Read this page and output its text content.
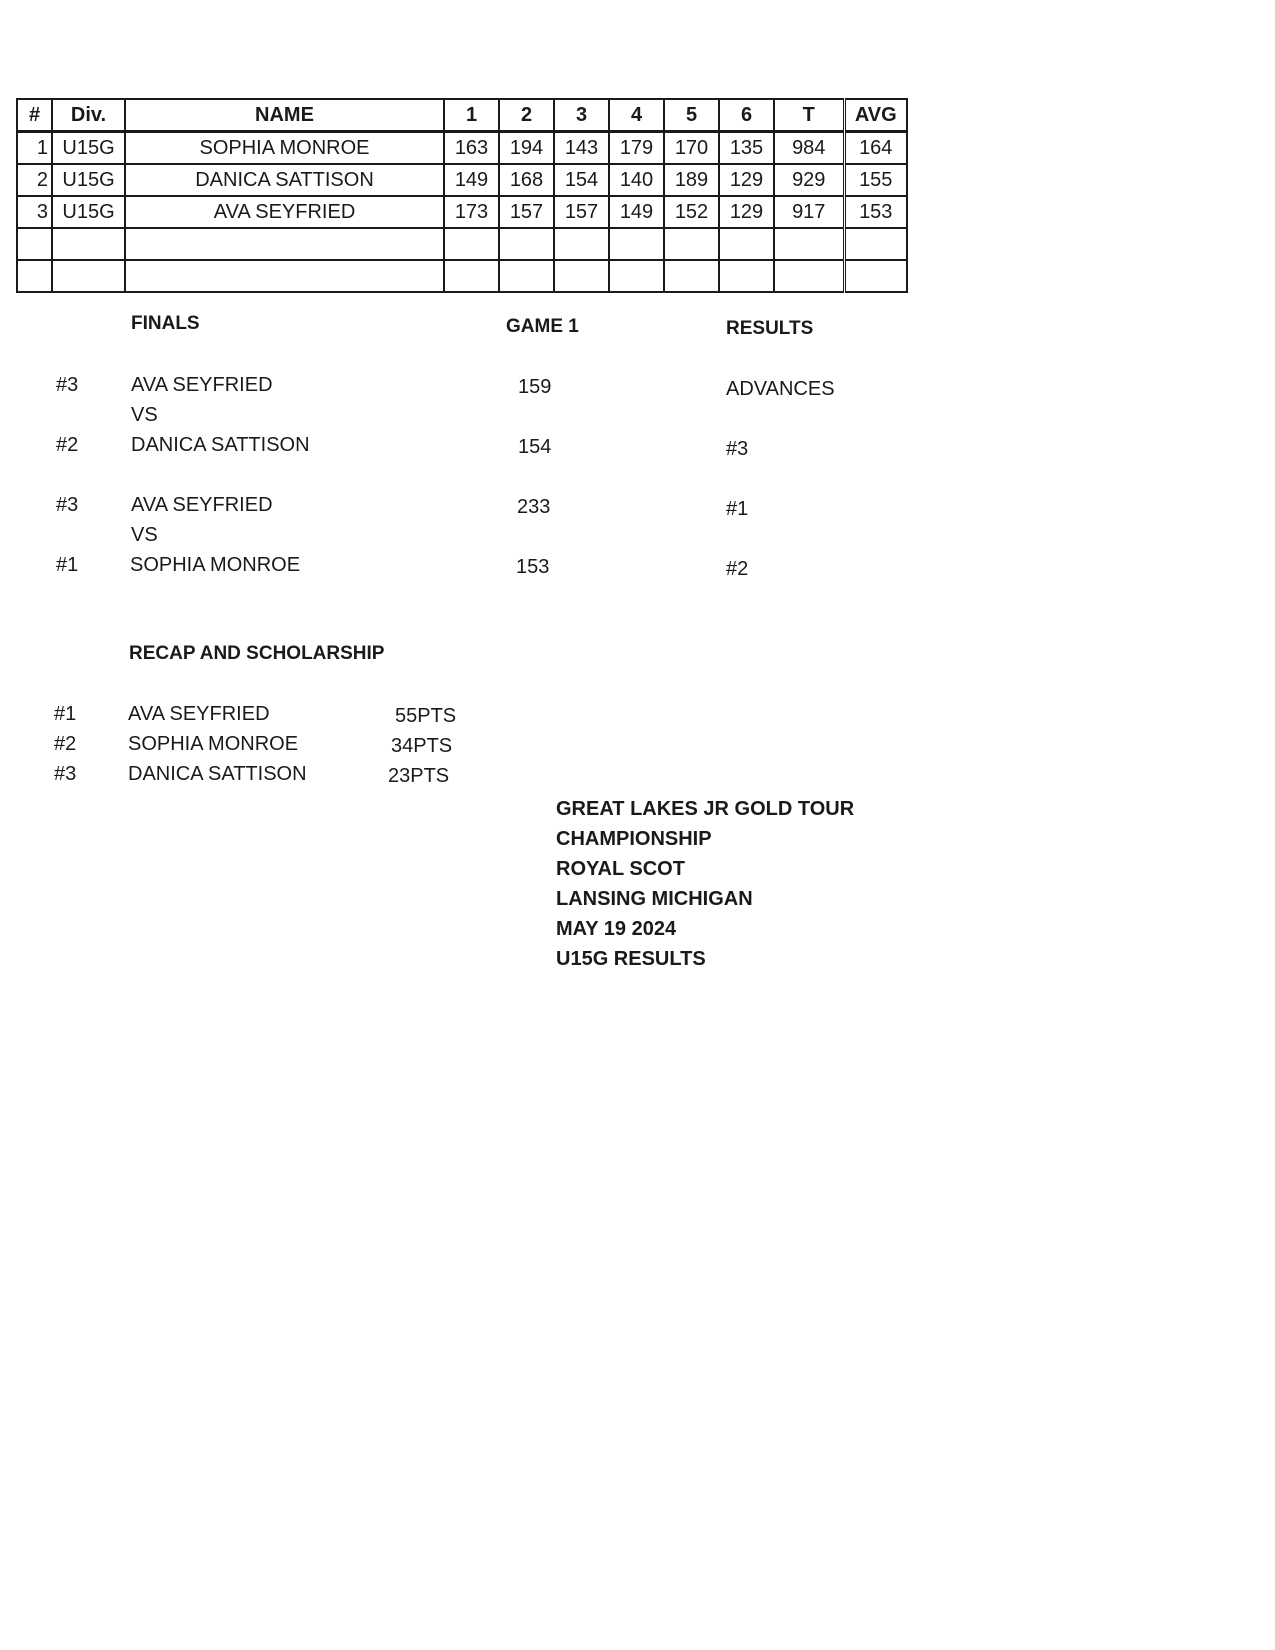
#	Div.	NAME	1	2	3	4	5	6	T	AVG
1	U15G	SOPHIA MONROE	163	194	143	179	170	135	984	164
2	U15G	DANICA SATTISON	149	168	154	140	189	129	929	155
3	U15G	AVA SEYFRIED	173	157	157	149	152	129	917	153

FINALS	GAME 1	RESULTS
#3	AVA SEYFRIED	159	ADVANCES
VS
#2	DANICA SATTISON	154	#3
#3	AVA SEYFRIED	233	#1
VS
#1	SOPHIA MONROE	153	#2
RECAP AND SCHOLARSHIP
#1	AVA SEYFRIED	55PTS
#2	SOPHIA MONROE	34PTS
#3	DANICA SATTISON	23PTS
GREAT LAKES JR GOLD TOUR
CHAMPIONSHIP
ROYAL SCOT
LANSING MICHIGAN
MAY 19 2024
U15G RESULTS
